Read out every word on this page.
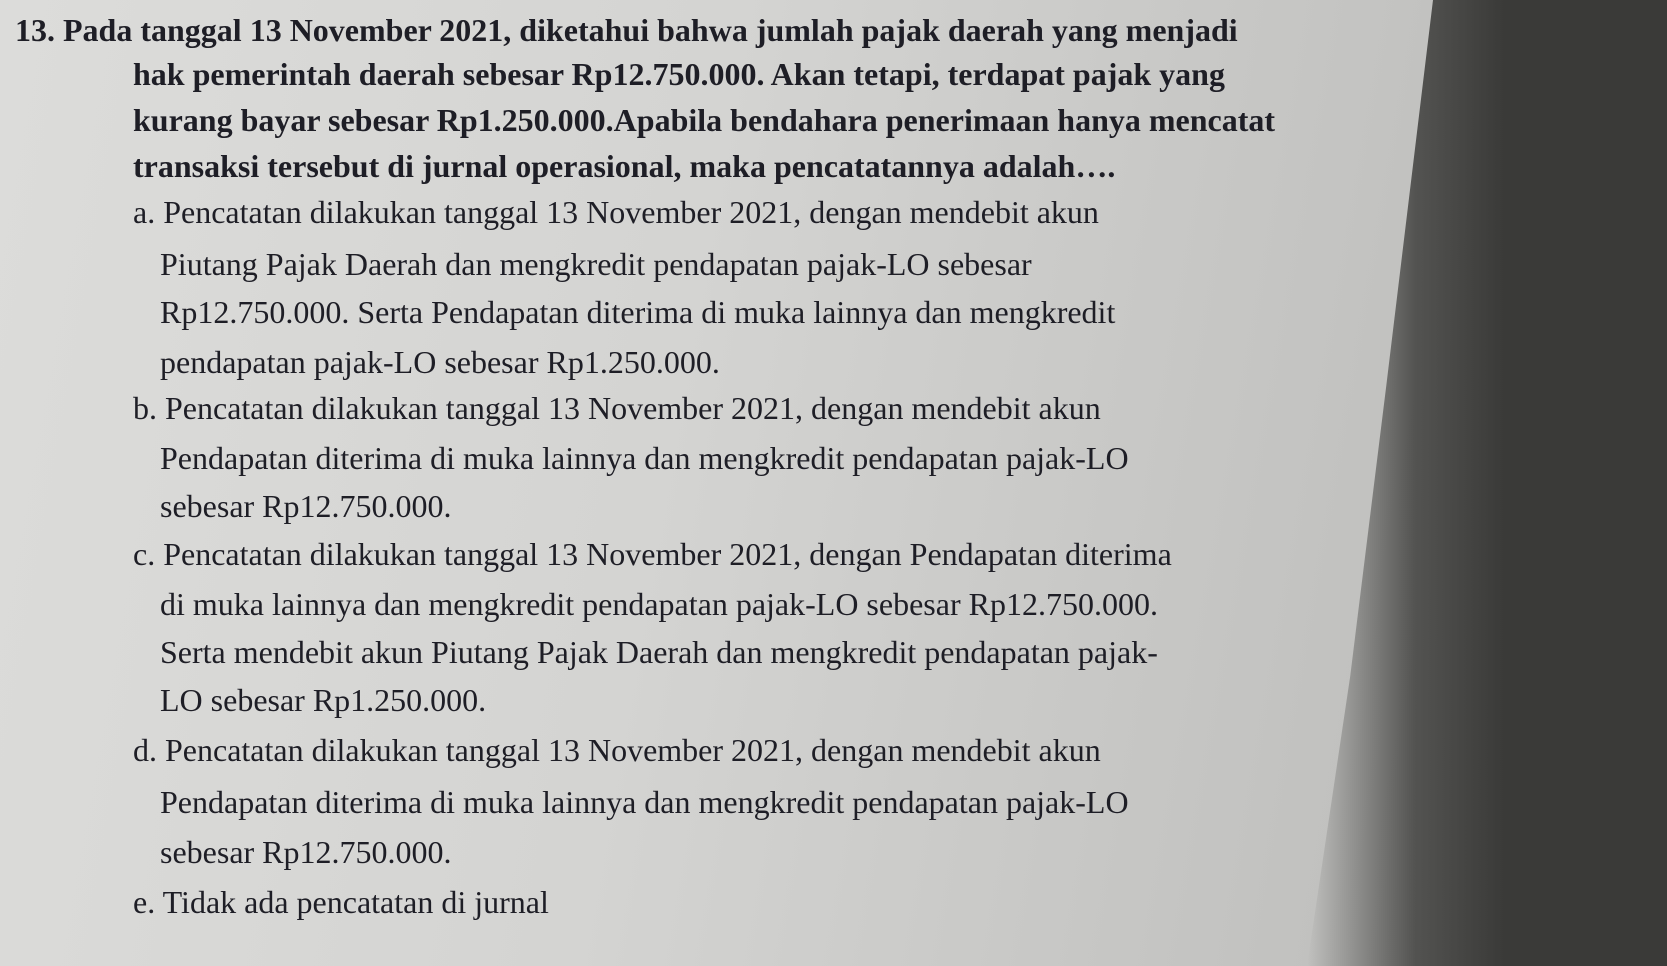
13. Pada tanggal 13 November 2021, diketahui bahwa jumlah pajak daerah yang menjadi
hak pemerintah daerah sebesar Rp12.750.000. Akan tetapi, terdapat pajak yang
kurang bayar sebesar Rp1.250.000.Apabila bendahara penerimaan hanya mencatat
transaksi tersebut di jurnal operasional, maka pencatatannya adalah….
a. Pencatatan dilakukan tanggal 13 November 2021, dengan mendebit akun
Piutang Pajak Daerah dan mengkredit pendapatan pajak-LO sebesar
Rp12.750.000. Serta Pendapatan diterima di muka lainnya dan mengkredit
pendapatan pajak-LO sebesar Rp1.250.000.
b. Pencatatan dilakukan tanggal 13 November 2021, dengan mendebit akun
Pendapatan diterima di muka lainnya dan mengkredit pendapatan pajak-LO
sebesar Rp12.750.000.
c. Pencatatan dilakukan tanggal 13 November 2021, dengan Pendapatan diterima
di muka lainnya dan mengkredit pendapatan pajak-LO sebesar Rp12.750.000.
Serta mendebit akun Piutang Pajak Daerah dan mengkredit pendapatan pajak-
LO sebesar Rp1.250.000.
d. Pencatatan dilakukan tanggal 13 November 2021, dengan mendebit akun
Pendapatan diterima di muka lainnya dan mengkredit pendapatan pajak-LO
sebesar Rp12.750.000.
e. Tidak ada pencatatan di jurnal
